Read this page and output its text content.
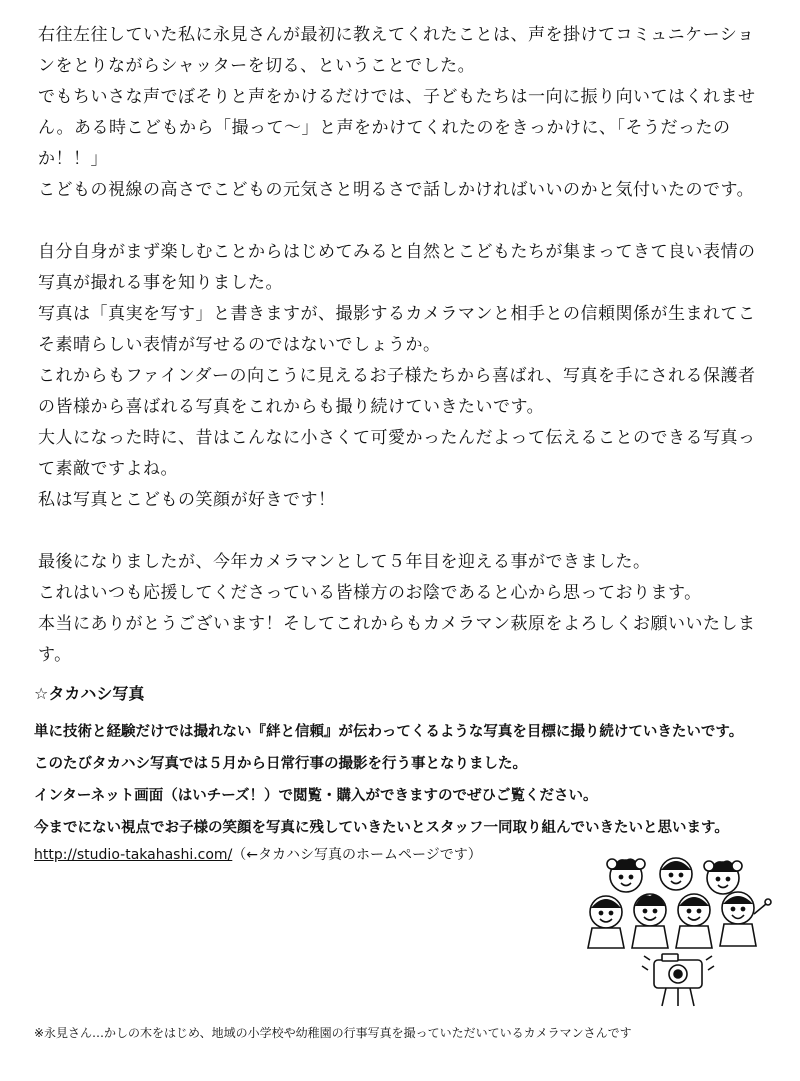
右往左往していた私に永見さんが最初に教えてくれたことは、声を掛けてコミュニケーショ

ンをとりながらシャッターを切る、ということでした。

でもちいさな声でぼそりと声をかけるだけでは、子どもたちは一向に振り向いてはくれませ

ん。ある時こどもから「撮って～」と声をかけてくれたのをきっかけに、「そうだったのか！！」

こどもの視線の高さでこどもの元気さと明るさで話しかければいいのかと気付いたのです。

自分自身がまず楽しむことからはじめてみると自然とこどもたちが集まってきて良い表情の

写真が撮れる事を知りました。

写真は「真実を写す」と書きますが、撮影するカメラマンと相手との信頼関係が生まれてこ

そ素晴らしい表情が写せるのではないでしょうか。

これからもファインダーの向こうに見えるお子様たちから喜ばれ、写真を手にされる保護者

の皆様から喜ばれる写真をこれからも撮り続けていきたいです。

大人になった時に、昔はこんなに小さくて可愛かったんだよって伝えることのできる写真っ

て素敵ですよね。

私は写真とこどもの笑顔が好きです！

最後になりましたが、今年カメラマンとして５年目を迎える事ができました。

これはいつも応援してくださっている皆様方のお陰であると心から思っております。

本当にありがとうございます！そしてこれからもカメラマン萩原をよろしくお願いいたしま

す。

☆タカハシ写真

単に技術と経験だけでは撮れない『絆と信頼』が伝わってくるような写真を目標に撮り続けていきたいです。

このたびタカハシ写真では５月から日常行事の撮影を行う事となりました。

インターネット画面（はいチーズ！）で閲覧・購入ができますのでぜひご覧ください。

今までにない視点でお子様の笑顔を写真に残していきたいとスタッフ一同取り組んでいきたいと思います。

http://studio-takahashi.com/（←タカハシ写真のホームページです）
※永見さん…かしの木をはじめ、地域の小学校や幼稚園の行事写真を撮っていただいているカメラマンさんです
